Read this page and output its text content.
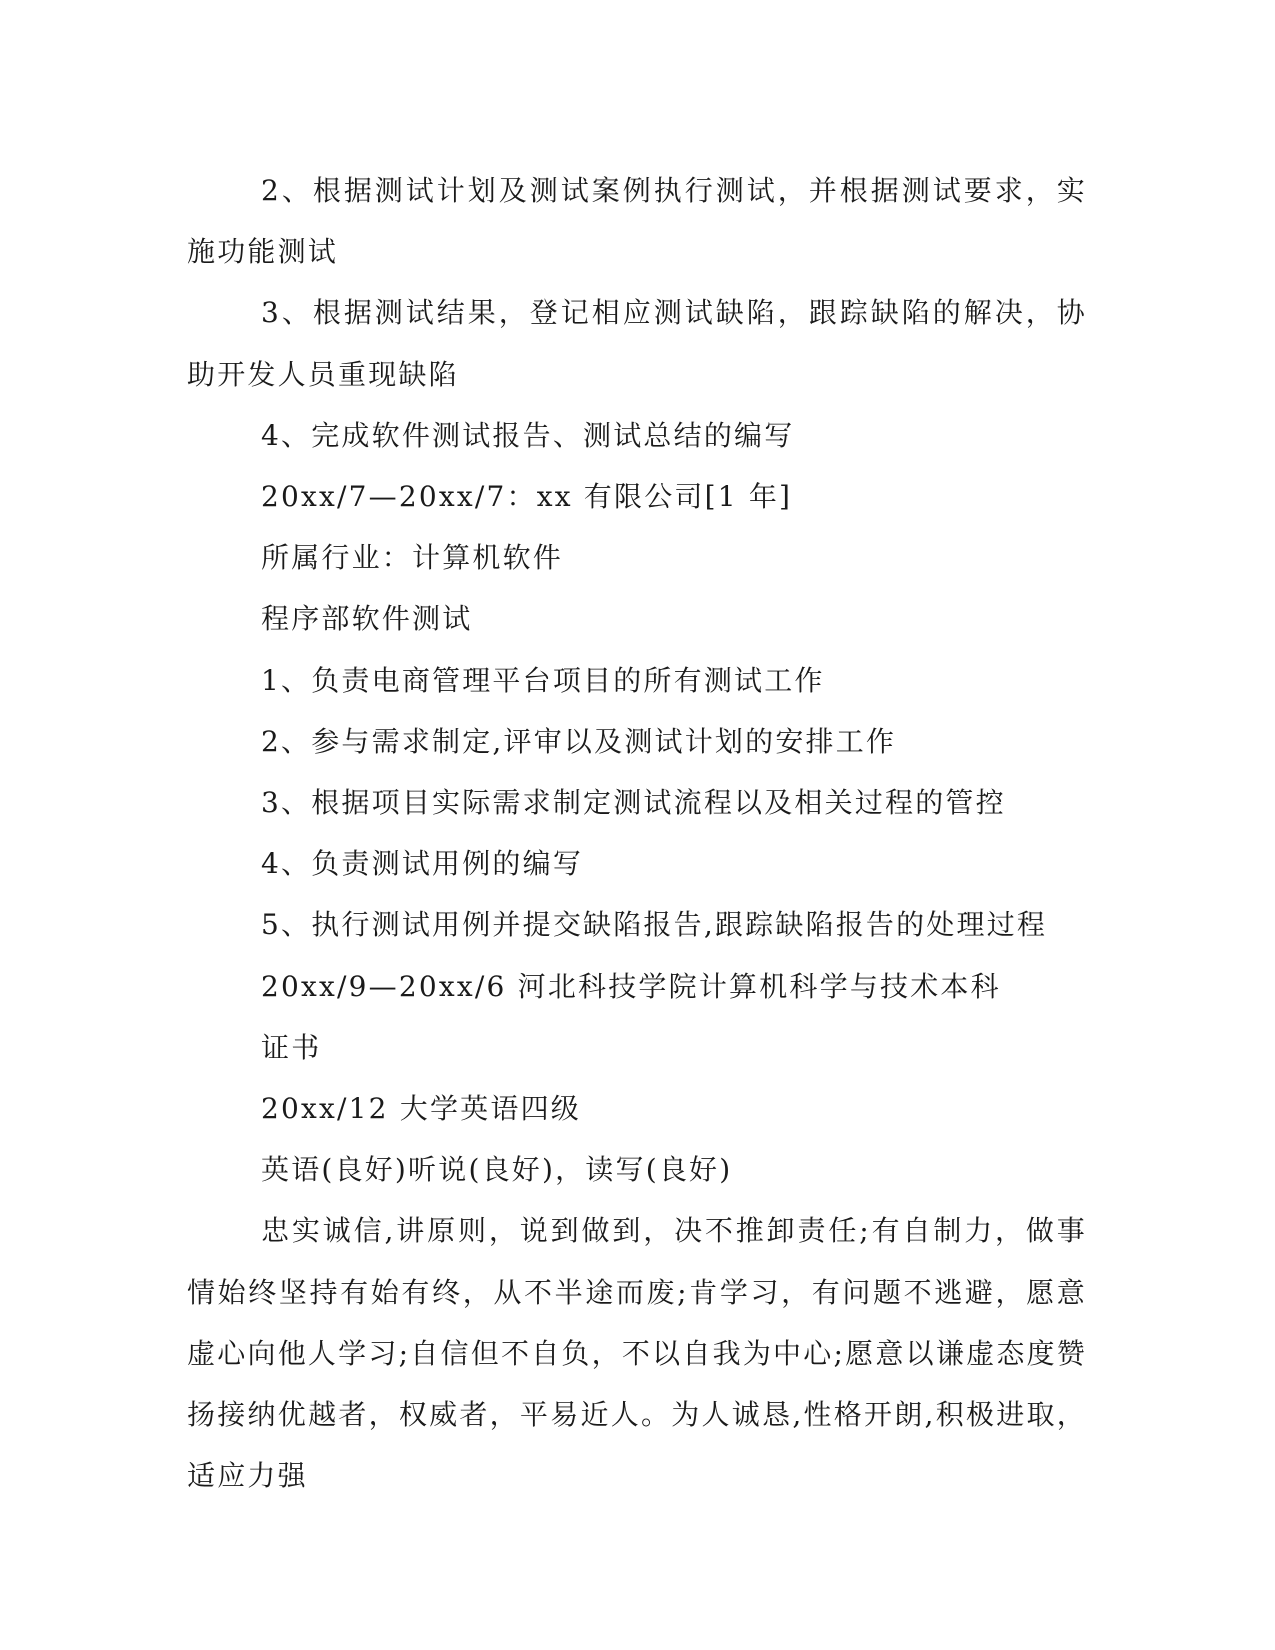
2、根据测试计划及测试案例执行测试，并根据测试要求，实施功能测试

3、根据测试结果，登记相应测试缺陷，跟踪缺陷的解决，协助开发人员重现缺陷

4、完成软件测试报告、测试总结的编写

20xx/7—20xx/7：xx 有限公司[1 年]

所属行业：计算机软件

程序部软件测试

1、负责电商管理平台项目的所有测试工作

2、参与需求制定,评审以及测试计划的安排工作

3、根据项目实际需求制定测试流程以及相关过程的管控

4、负责测试用例的编写

5、执行测试用例并提交缺陷报告,跟踪缺陷报告的处理过程

20xx/9—20xx/6 河北科技学院计算机科学与技术本科

证书

20xx/12 大学英语四级

英语(良好)听说(良好)，读写(良好)

忠实诚信,讲原则，说到做到，决不推卸责任;有自制力，做事情始终坚持有始有终，从不半途而废;肯学习，有问题不逃避，愿意虚心向他人学习;自信但不自负，不以自我为中心;愿意以谦虚态度赞扬接纳优越者，权威者，平易近人。为人诚恳,性格开朗,积极进取，适应力强
